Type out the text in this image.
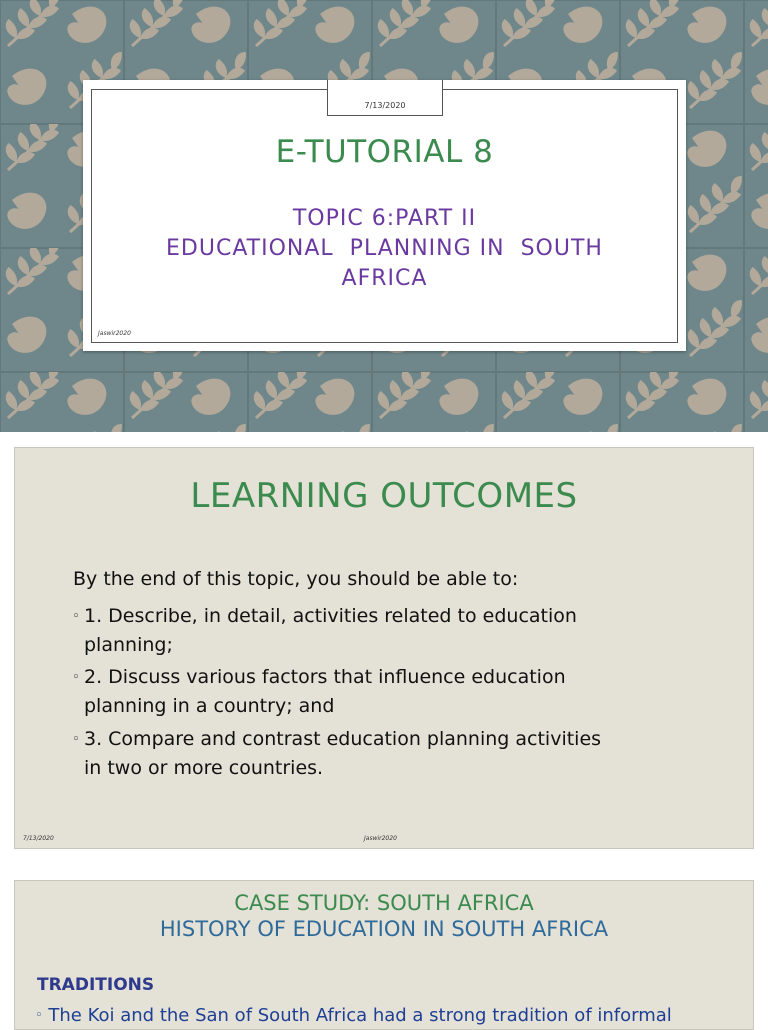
7/13/2020
E-TUTORIAL 8
TOPIC 6:PART II
EDUCATIONAL  PLANNING IN  SOUTH
AFRICA
Jaswir2020
LEARNING OUTCOMES
By the end of this topic, you should be able to:
◦ 1. Describe, in detail, activities related to education
planning;
◦ 2. Discuss various factors that influence education
planning in a country; and
◦ 3. Compare and contrast education planning activities
in two or more countries.
7/13/2020	Jaswir2020
CASE STUDY: SOUTH AFRICA
HISTORY OF EDUCATION IN SOUTH AFRICA
TRADITIONS
◦ The Koi and the San of South Africa had a strong tradition of informal
